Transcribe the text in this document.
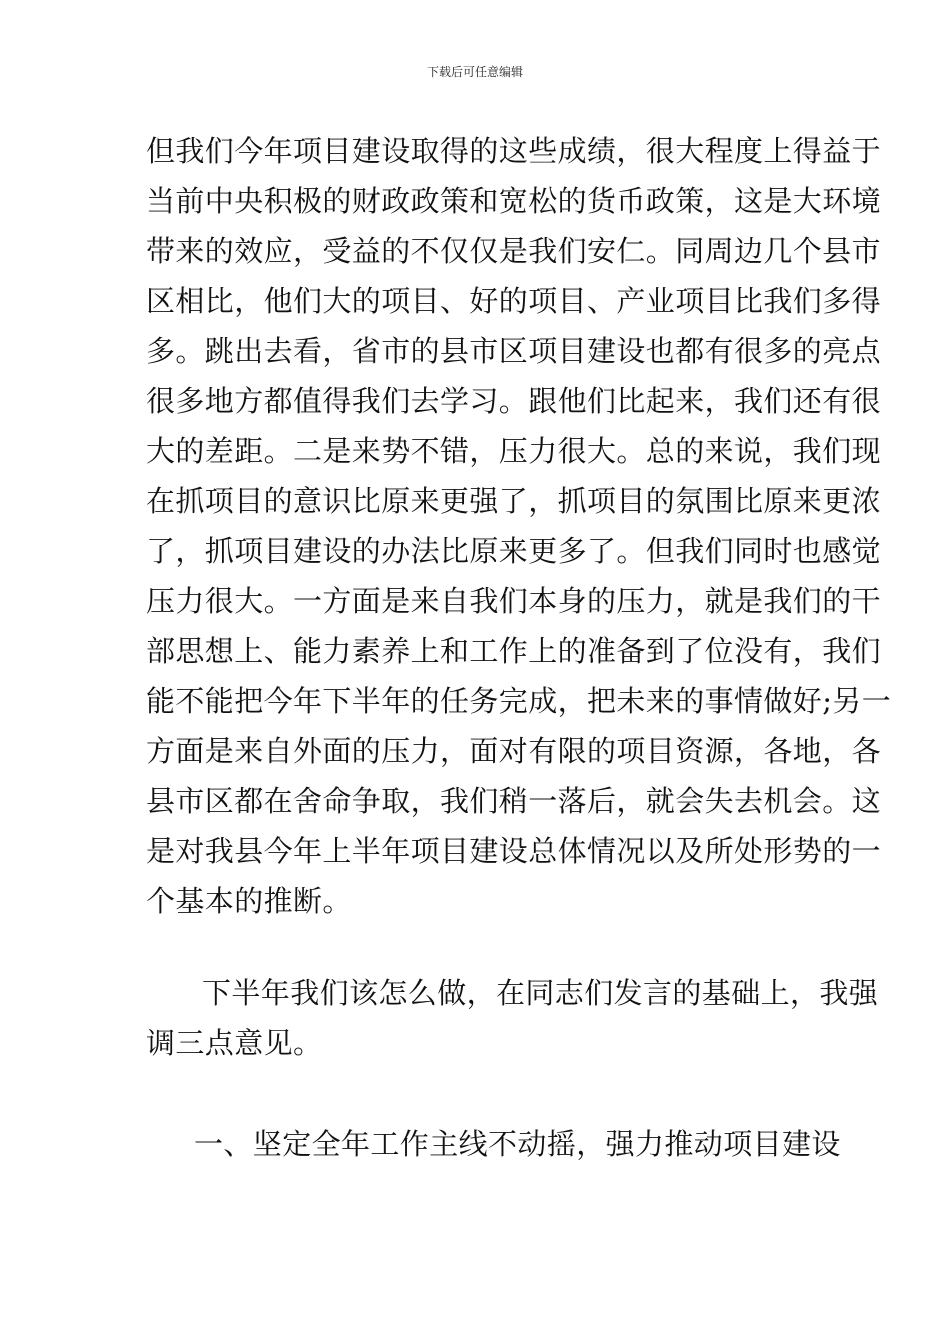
下载后可任意编辑
但我们今年项目建设取得的这些成绩，很大程度上得益于
当前中央积极的财政政策和宽松的货币政策，这是大环境
带来的效应，受益的不仅仅是我们安仁。同周边几个县市
区相比，他们大的项目、好的项目、产业项目比我们多得
多。跳出去看，省市的县市区项目建设也都有很多的亮点
很多地方都值得我们去学习。跟他们比起来，我们还有很
大的差距。二是来势不错，压力很大。总的来说，我们现
在抓项目的意识比原来更强了，抓项目的氛围比原来更浓
了，抓项目建设的办法比原来更多了。但我们同时也感觉
压力很大。一方面是来自我们本身的压力，就是我们的干
部思想上、能力素养上和工作上的准备到了位没有，我们
能不能把今年下半年的任务完成，把未来的事情做好;另一
方面是来自外面的压力，面对有限的项目资源，各地，各
县市区都在舍命争取，我们稍一落后，就会失去机会。这
是对我县今年上半年项目建设总体情况以及所处形势的一
个基本的推断。
下半年我们该怎么做，在同志们发言的基础上，我强
调三点意见。
一、坚定全年工作主线不动摇，强力推动项目建设
